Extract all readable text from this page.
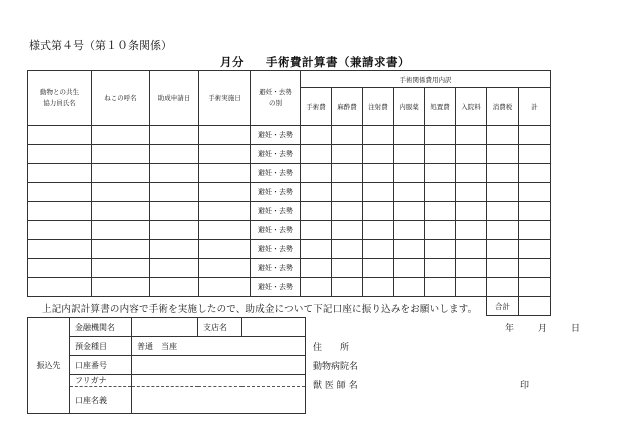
様式第４号（第１０条関係）
月分 手術費計算書（兼請求書）
動物との共生
協力員氏名	ねこの呼名	助成申請日	手術実施日	避妊・去勢
の別	手術関係費用内訳							
					手術費	麻酔費	注射費	内服薬	処置費	入院料	消費税	計
				避妊・去勢								
				避妊・去勢								
				避妊・去勢								
				避妊・去勢								
				避妊・去勢								
				避妊・去勢								
				避妊・去勢								
				避妊・去勢								
				避妊・去勢								
											合計	
上記内訳計算書の内容で手術を実施したので、助成金について下記口座に振り込みをお願いします。
振込先	金融機関名		支店名	
	預金種目	普通　当座		
	口座番号			
	フリガナ			
	口座名義			

年	月	日
住　　所
動物病院名
獣 医 師 名	印
